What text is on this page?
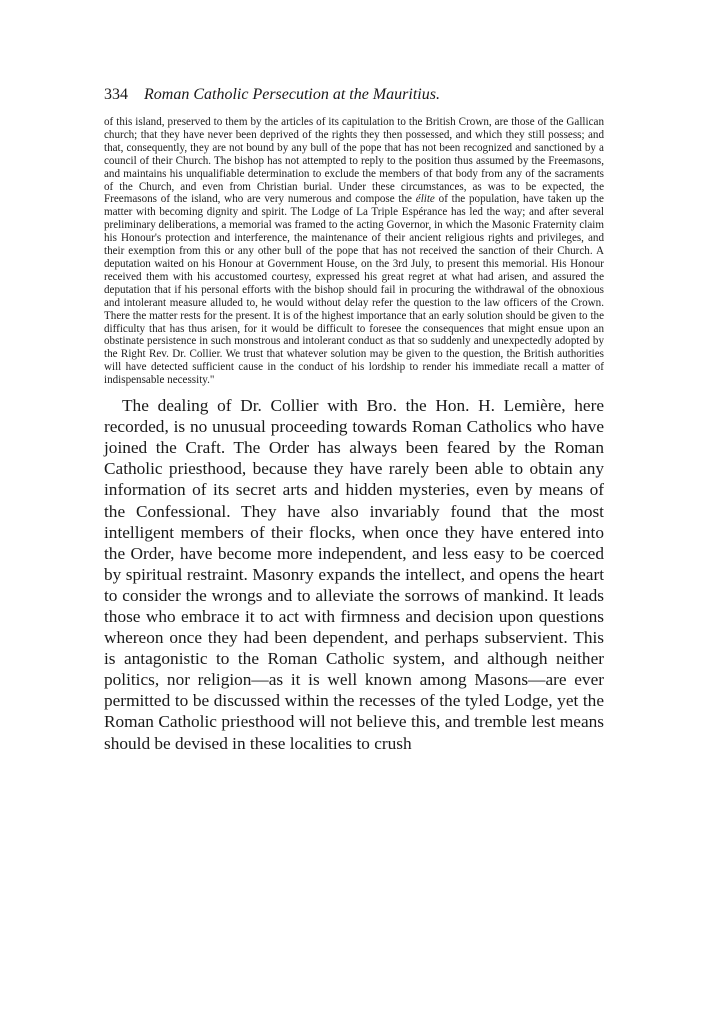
334	Roman Catholic Persecution at the Mauritius.

of this island, preserved to them by the articles of its capitulation to the British Crown, are those of the Gallican church; that they have never been deprived of the rights they then possessed, and which they still possess; and that, consequently, they are not bound by any bull of the pope that has not been recognized and sanctioned by a council of their Church. The bishop has not attempted to reply to the position thus assumed by the Freemasons, and maintains his unqualifiable determination to exclude the members of that body from any of the sacraments of the Church, and even from Christian burial. Under these circumstances, as was to be expected, the Freemasons of the island, who are very numerous and compose the élite of the population, have taken up the matter with becoming dignity and spirit. The Lodge of La Triple Espérance has led the way; and after several preliminary deliberations, a memorial was framed to the acting Governor, in which the Masonic Fraternity claim his Honour's protection and interference, the maintenance of their ancient religious rights and privileges, and their exemption from this or any other bull of the pope that has not received the sanction of their Church. A deputation waited on his Honour at Government House, on the 3rd July, to present this memorial. His Honour received them with his accustomed courtesy, expressed his great regret at what had arisen, and assured the deputation that if his personal efforts with the bishop should fail in procuring the withdrawal of the obnoxious and intolerant measure alluded to, he would without delay refer the question to the law officers of the Crown. There the matter rests for the present. It is of the highest importance that an early solution should be given to the difficulty that has thus arisen, for it would be difficult to foresee the consequences that might ensue upon an obstinate persistence in such monstrous and intolerant conduct as that so suddenly and unexpectedly adopted by the Right Rev. Dr. Collier. We trust that whatever solution may be given to the question, the British authorities will have detected sufficient cause in the conduct of his lordship to render his immediate recall a matter of indispensable necessity."

The dealing of Dr. Collier with Bro. the Hon. H. Lemière, here recorded, is no unusual proceeding towards Roman Catholics who have joined the Craft. The Order has always been feared by the Roman Catholic priesthood, because they have rarely been able to obtain any information of its secret arts and hidden mysteries, even by means of the Confessional. They have also invariably found that the most intelligent members of their flocks, when once they have entered into the Order, have become more independent, and less easy to be coerced by spiritual restraint. Masonry expands the intellect, and opens the heart to consider the wrongs and to alleviate the sorrows of mankind. It leads those who embrace it to act with firmness and decision upon questions whereon once they had been dependent, and perhaps subservient. This is antagonistic to the Roman Catholic system, and although neither politics, nor religion—as it is well known among Masons—are ever permitted to be discussed within the recesses of the tyled Lodge, yet the Roman Catholic priesthood will not believe this, and tremble lest means should be devised in these localities to crush
